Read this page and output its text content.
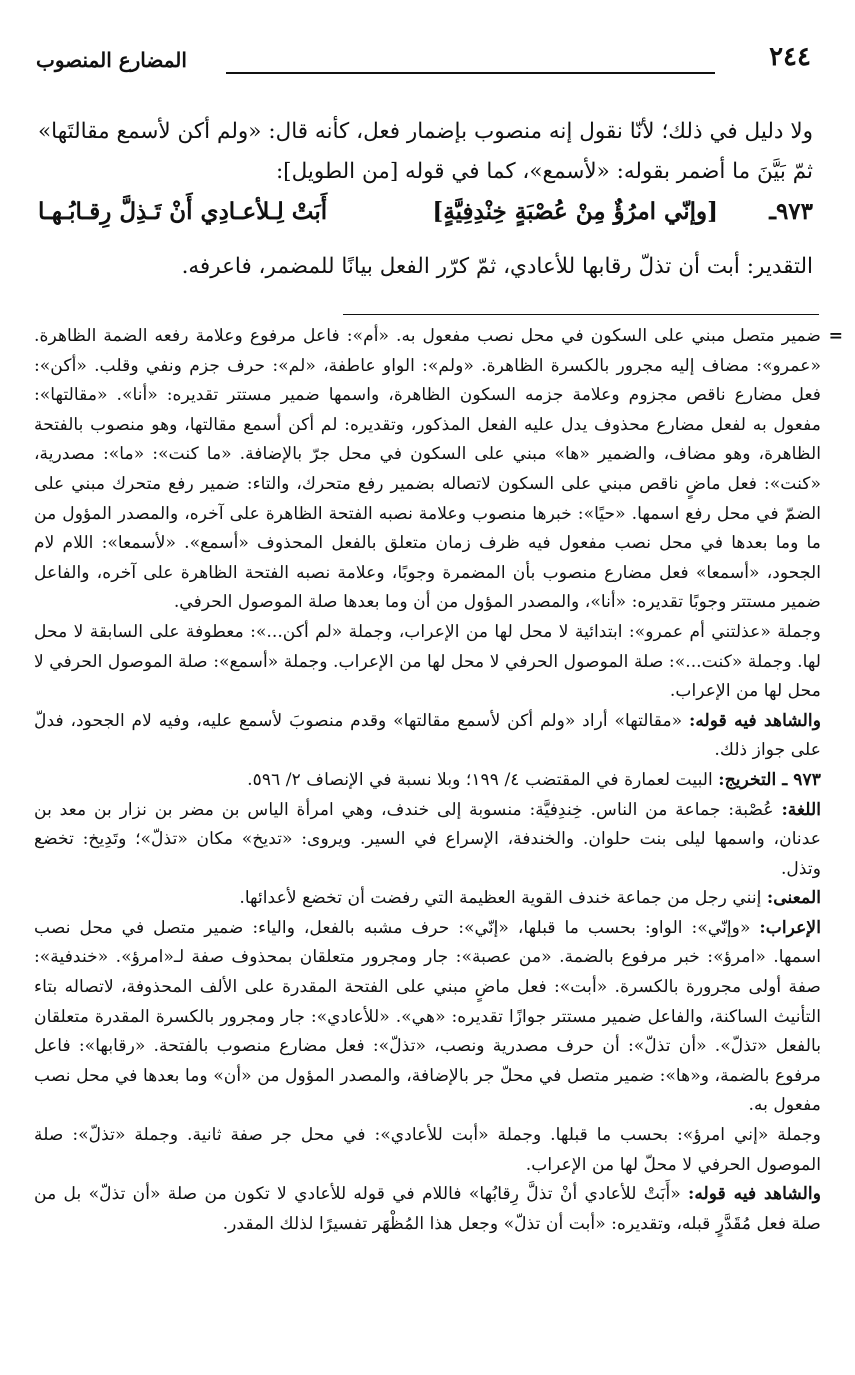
٢٤٤
المضارع المنصوب

ولا دليل في ذلك؛ لأنّا نقول إنه منصوب بإضمار فعل، كأنه قال: «ولم أكن لأسمع مقالتَها» ثمّ بَيَّنَ ما أضمر بقوله: «لأسمع»، كما في قوله [من الطويل]:

٩٧٣ـ
[وإنّي امرُؤٌ مِنْ عُصْبَةٍ خِنْدِفِيَّةٍ]
أَبَتْ لِـلأعـادِي أَنْ تَـذِلَّ رِقـابُـهـا
التقدير: أبت أن تذلّ رقابها للأعادي، ثمّ كرّر الفعل بيانًا للمضمر، فاعرفه.
=

ضمير متصل مبني على السكون في محل نصب مفعول به. «أم»: فاعل مرفوع وعلامة رفعه الضمة الظاهرة. «عمرو»: مضاف إليه مجرور بالكسرة الظاهرة. «ولم»: الواو عاطفة، «لم»: حرف جزم ونفي وقلب. «أكن»: فعل مضارع ناقص مجزوم وعلامة جزمه السكون الظاهرة، واسمها ضمير مستتر تقديره: «أنا». «مقالتها»: مفعول به لفعل مضارع محذوف يدل عليه الفعل المذكور، وتقديره: لم أكن أسمع مقالتها، وهو منصوب بالفتحة الظاهرة، وهو مضاف، والضمير «ها» مبني على السكون في محل جرّ بالإضافة. «ما كنت»: «ما»: مصدرية، «كنت»: فعل ماضٍ ناقص مبني على السكون لاتصاله بضمير رفع متحرك، والتاء: ضمير رفع متحرك مبني على الضمّ في محل رفع اسمها. «حيًا»: خبرها منصوب وعلامة نصبه الفتحة الظاهرة على آخره، والمصدر المؤول من ما وما بعدها في محل نصب مفعول فيه ظرف زمان متعلق بالفعل المحذوف «أسمع». «لأسمعا»: اللام لام الجحود، «أسمعا» فعل مضارع منصوب بأن المضمرة وجوبًا، وعلامة نصبه الفتحة الظاهرة على آخره، والفاعل ضمير مستتر وجوبًا تقديره: «أنا»، والمصدر المؤول من أن وما بعدها صلة الموصول الحرفي.

وجملة «عذلتني أم عمرو»: ابتدائية لا محل لها من الإعراب، وجملة «لم أكن...»: معطوفة على السابقة لا محل لها. وجملة «كنت...»: صلة الموصول الحرفي لا محل لها من الإعراب. وجملة «أسمع»: صلة الموصول الحرفي لا محل لها من الإعراب.

والشاهد فيه قوله: «مقالتها» أراد «ولم أكن لأسمع مقالتها» وقدم منصوبَ لأسمع عليه، وفيه لام الجحود، فدلّ على جواز ذلك.

٩٧٣ ـ التخريج: البيت لعمارة في المقتضب ٤/ ١٩٩؛ وبلا نسبة في الإنصاف ٢/ ٥٩٦.

اللغة: عُصْبة: جماعة من الناس. خِندِفيَّة: منسوبة إلى خندف، وهي امرأة الياس بن مضر بن نزار بن معد بن عدنان، واسمها ليلى بنت حلوان. والخندفة، الإسراع في السير. ويروى: «تديخ» مكان «تذلّ»؛ وتَدِيخ: تخضع وتذل.

المعنى: إنني رجل من جماعة خندف القوية العظيمة التي رفضت أن تخضع لأعدائها.

الإعراب: «وإنّي»: الواو: بحسب ما قبلها، «إنّي»: حرف مشبه بالفعل، والياء: ضمير متصل في محل نصب اسمها. «امرؤ»: خبر مرفوع بالضمة. «من عصبة»: جار ومجرور متعلقان بمحذوف صفة لـ«امرؤ». «خندفية»: صفة أولى مجرورة بالكسرة. «أبت»: فعل ماضٍ مبني على الفتحة المقدرة على الألف المحذوفة، لاتصاله بتاء التأنيث الساكنة، والفاعل ضمير مستتر جوازًا تقديره: «هي». «للأعادي»: جار ومجرور بالكسرة المقدرة متعلقان بالفعل «تذلّ». «أن تذلّ»: أن حرف مصدرية ونصب، «تذلّ»: فعل مضارع منصوب بالفتحة. «رقابها»: فاعل مرفوع بالضمة، و«ها»: ضمير متصل في محلّ جر بالإضافة، والمصدر المؤول من «أن» وما بعدها في محل نصب مفعول به.

وجملة «إني امرؤ»: بحسب ما قبلها. وجملة «أبت للأعادي»: في محل جر صفة ثانية. وجملة «تذلّ»: صلة الموصول الحرفي لا محلّ لها من الإعراب.

والشاهد فيه قوله: «أَبَتْ للأعادي أنْ تذلَّ رِقابُها» فاللام في قوله للأعادي لا تكون من صلة «أن تذلّ» بل من صلة فعل مُقَدَّرٍ قبله، وتقديره: «أبت أن تذلّ» وجعل هذا المُظْهَر تفسيرًا لذلك المقدر.
